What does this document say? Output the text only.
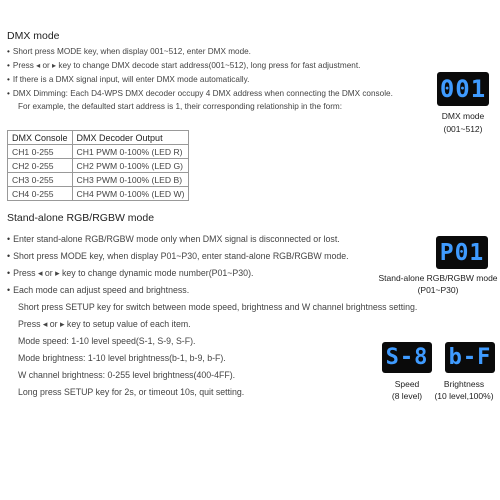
DMX mode
• Short press MODE key, when display 001~512, enter DMX mode.
• Press ◂ or ▸ key to change DMX decode start address(001~512), long press for fast adjustment.
• If there is a DMX signal input, will enter DMX mode automatically.
• DMX Dimming: Each D4-WPS DMX decoder occupy 4 DMX address when connecting the DMX console.
For example, the defaulted start address is 1, their corresponding relationship in the form:
001
DMX mode
(001~512)
DMX Console	DMX Decoder Output
CH1 0-255	CH1 PWM 0-100% (LED R)
CH2 0-255	CH2 PWM 0-100% (LED G)
CH3 0-255	CH3 PWM 0-100% (LED B)
CH4 0-255	CH4 PWM 0-100% (LED W)
Stand-alone RGB/RGBW mode
• Enter stand-alone RGB/RGBW mode only when DMX signal is disconnected or lost.
• Short press MODE key, when display P01~P30, enter stand-alone RGB/RGBW mode.
• Press ◂ or ▸ key to change dynamic mode number(P01~P30).
• Each mode can adjust speed and brightness.
Short press SETUP key for switch between mode speed, brightness and W channel brightness setting.
Press ◂ or ▸ key to setup value of each item.
Mode speed: 1-10 level speed(S-1, S-9, S-F).
Mode brightness: 1-10 level brightness(b-1, b-9, b-F).
W channel brightness: 0-255 level brightness(400-4FF).
Long press SETUP key for 2s, or timeout 10s, quit setting.
P01
Stand-alone RGB/RGBW mode
(P01~P30)
S-8 b-F
Speed
(8 level)
Brightness
(10 level,100%)
